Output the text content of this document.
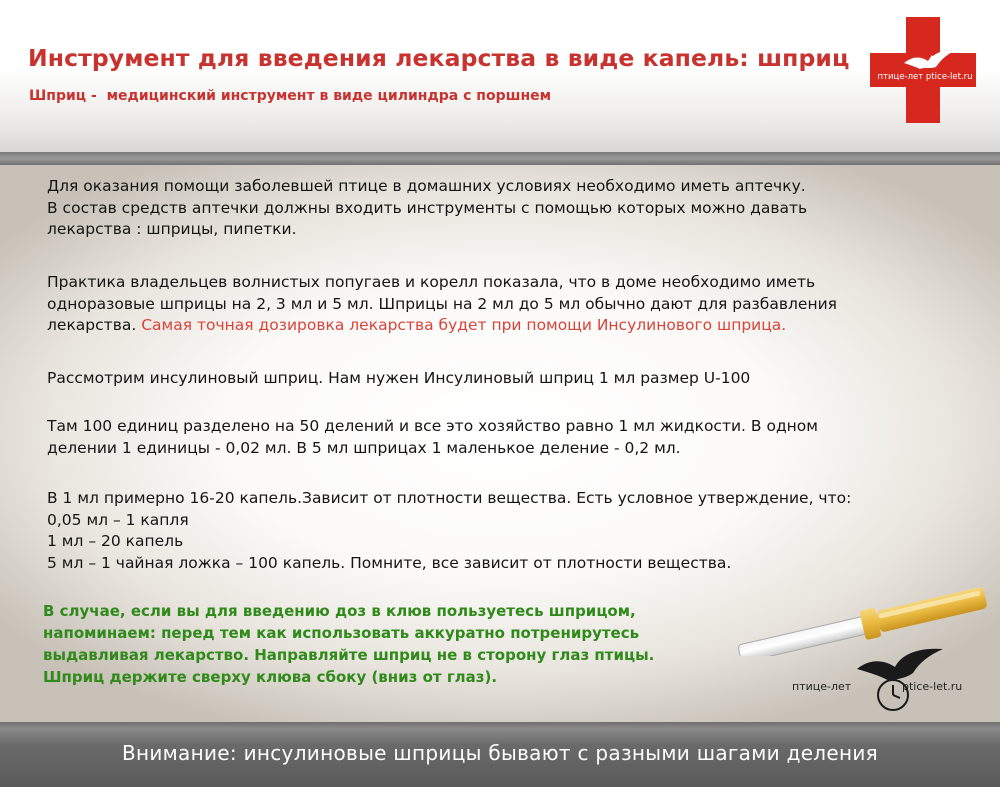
Инструмент для введения лекарства в виде капель: шприц
Шприц -  медицинский инструмент в виде цилиндра с поршнем
птице-лет ptice-let.ru

Для оказания помощи заболевшей птице в домашних условиях необходимо иметь аптечку.

В состав средств аптечки должны входить инструменты с помощью которых можно давать

лекарства : шприцы, пипетки.

Практика владельцев волнистых попугаев и корелл показала, что в доме необходимо иметь

одноразовые шприцы на 2, 3 мл и 5 мл. Шприцы на 2 мл до 5 мл обычно дают для разбавления

лекарства. Самая точная дозировка лекарства будет при помощи Инсулинового шприца.

Рассмотрим инсулиновый шприц. Нам нужен Инсулиновый шприц 1 мл размер U-100

Там 100 единиц разделено на 50 делений и все это хозяйство равно 1 мл жидкости. В одном

делении 1 единицы - 0,02 мл. В 5 мл шприцах 1 маленькое деление - 0,2 мл.

В 1 мл примерно 16-20 капель.Зависит от плотности вещества. Есть условное утверждение, что:

0,05 мл – 1 капля

1 мл – 20 капель

5 мл – 1 чайная ложка – 100 капель. Помните, все зависит от плотности вещества.

В случае, если вы для введению доз в клюв пользуетесь шприцом,

напоминаем: перед тем как использовать аккуратно потренирутесь

выдавливая лекарство. Направляйте шприц не в сторону глаз птицы.

Шприц держите сверху клюва сбоку (вниз от глаз).

птице-лет	ptice-let.ru
Внимание: инсулиновые шприцы бывают с разными шагами деления
